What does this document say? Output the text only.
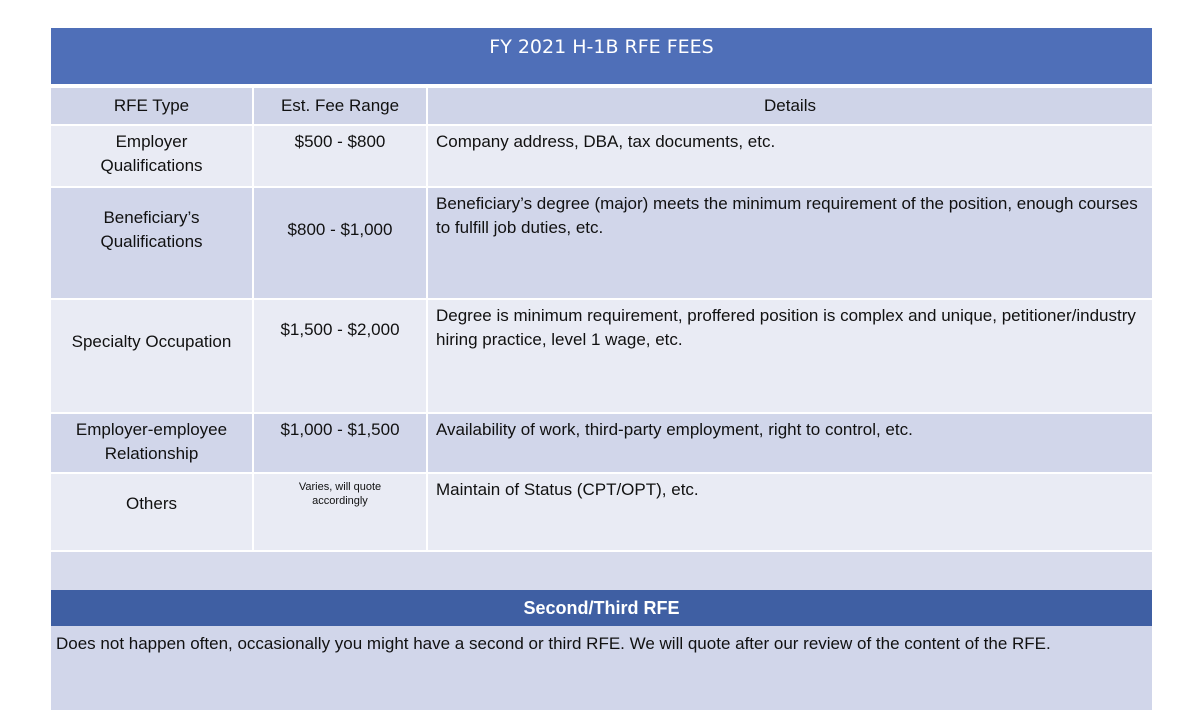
FY 2021 H-1B RFE FEES
RFE Type	Est. Fee Range	Details

Employer Qualifications	$500 - $800	Company address, DBA, tax documents, etc.

Beneficiary’s Qualifications	$800 - $1,000	Beneficiary’s degree (major) meets the minimum requirement of the position, enough courses to fulfill job duties, etc.
Specialty Occupation	$1,500 - $2,000	Degree is minimum requirement, proffered position is complex and unique, petitioner/industry hiring practice, level 1 wage, etc.

Employer-employee Relationship	$1,000 - $1,500	Availability of work, third-party employment, right to control, etc.
Others	Varies, will quote accordingly	Maintain of Status (CPT/OPT), etc.
Second/Third RFE
Does not happen often, occasionally you might have a second or third RFE. We will quote after our review of the content of the RFE.
